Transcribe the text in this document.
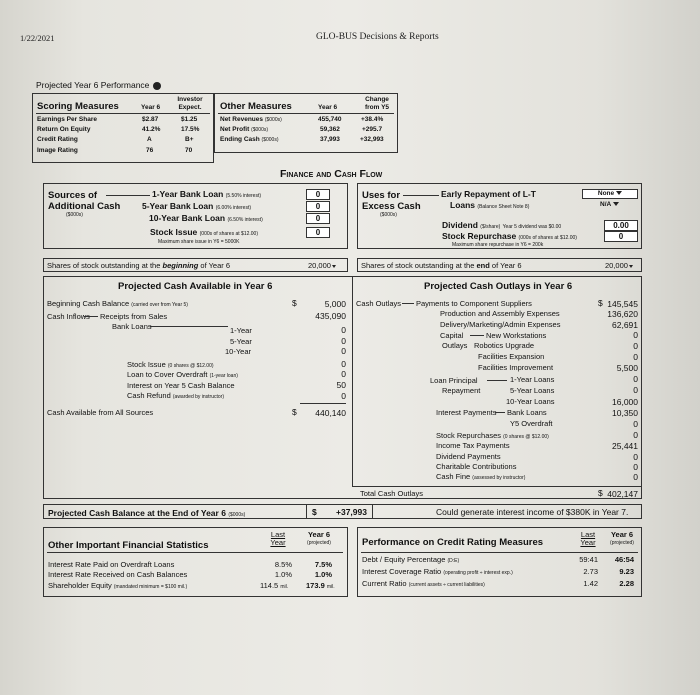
1/22/2021	GLO-BUS Decisions & Reports
Projected Year 6 Performance
Scoring Measures	Year 6
Investor
Expect.
Earnings Per Share	$2.87	$1.25
Return On Equity	41.2%	17.5%
Credit Rating	A	B+
Image Rating	76	70
Other Measures	Year 6
Change
from Y5
Net Revenues ($000s)	455,740	+38.4%
Net Profit ($000s)	59,362	+295.7
Ending Cash ($000s)	37,993	+32,993
Finance and Cash Flow
Sources of
Additional Cash
($000s)
1-Year Bank Loan (5.50% interest)	0
5-Year Bank Loan (6.00% interest)	0
10-Year Bank Loan (6.50% interest)	0
Stock Issue (000s of shares at $12.00)	0
Maximum share issue in Y6 = 5000K
Uses for
Excess Cash
($000s)
Early Repayment of L-T
Loans (Balance Sheet Note 8)
None
N/A
Dividend ($/share) Year 5 dividend was $0.00	0.00
Stock Repurchase (000s of shares at $12.00)	0
Maximum share repurchase in Y6 = 200k
Shares of stock outstanding at the beginning of Year 6	20,000	Shares of stock outstanding at the end of Year 6	20,000
Projected Cash Available in Year 6
Beginning Cash Balance (carried over from Year 5)	$	5,000
Cash Inflows Receipts from Sales	435,090
Bank Loans	1-Year	0
5-Year	0
10-Year	0
Stock Issue (0 shares @ $12.00)	0
Loan to Cover Overdraft (1-year loan)	0
Interest on Year 5 Cash Balance	50
Cash Refund (awarded by instructor)	0
Cash Available from All Sources	$	440,140
Projected Cash Outlays in Year 6
Cash Outlays Payments to Component Suppliers	$ 145,545
Production and Assembly Expenses	136,620
Delivery/Marketing/Admin Expenses	62,691
Capital
Outlays
New Workstations	0
Robotics Upgrade	0
Facilities Expansion	0
Facilities Improvement	5,500
Loan Principal
Repayment
1-Year Loans	0
5-Year Loans	0
10-Year Loans	16,000
Interest Payments Bank Loans	10,350
Y5 Overdraft	0
Stock Repurchases (0 shares @ $12.00)	0
Income Tax Payments	25,441
Dividend Payments	0
Charitable Contributions	0
Cash Fine (assessed by instructor)	0
Total Cash Outlays	$ 402,147
Projected Cash Balance at the End of Year 6 ($000s)	$ +37,993	Could generate interest income of $380K in Year 7.
Other Important Financial Statistics
Last
Year
Year 6
(projected)
Interest Rate Paid on Overdraft Loans	8.5%	7.5%
Interest Rate Received on Cash Balances	1.0%	1.0%
Shareholder Equity (mandated minimum = $100 mil.)	114.5 mil. 173.9 mil.
Performance on Credit Rating Measures
Last
Year
Year 6
(projected)
Debt / Equity Percentage (D:E)	59:41	46:54
Interest Coverage Ratio (operating profit ÷ interest exp.)	2.73	9.23
Current Ratio (current assets ÷ current liabilities)	1.42	2.28
